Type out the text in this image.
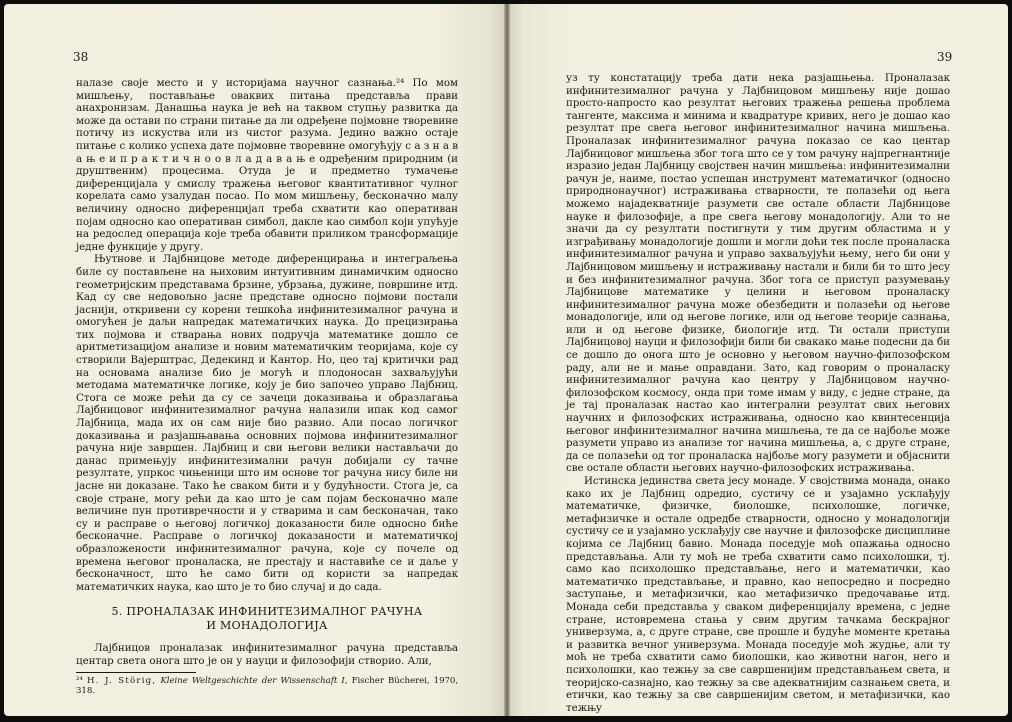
38	39

налазе своје место и у историјама научног сазнања.²⁴ По мом мишљењу, постављање оваквих питања представља прави анахронизам. Данашња наука је већ на таквом ступњу развитка да може да остави по страни питање да ли одређене појмовне творевине потичу из искуства или из чистог разума. Једино важно остаје питање с колико успеха дате појмовне творевине омогућују с а з н а в а њ е и п р а к т и ч н о о в л а д а в а њ е одређеним природним (и друштвеним) процесима. Отуда је и предметно тумачење диференцијала у смислу тражења његовог квантитативног чулног корелата само узалудан посао. По мом мишљењу, бесконачно малу величину односно диференцијал треба схватити као оперативан појам односно као оперативан симбол, дакле као симбол који упућује на редослед операција које треба обавити приликом трансформације једне функције у другу.

Њутнове и Лајбницове методе диференцирања и интеграљења биле су постављене на њиховим интуитивним динамичким односно геометријским представама брзине, убрзања, дужине, површине итд. Кад су све недовољно јасне представе односно појмови постали јаснији, откривени су корени тешкоћа инфинитезималног рачуна и омогућен је даљи напредак математичких наука. До прецизирања тих појмова и стварања нових подручја математике дошло се аритметизацијом анализе и новим математичким теоријама, које су створили Вајерштрас, Дедекинд и Кантор. Но, цео тај критички рад на основама анализе био је могућ и плодоносан захваљујући методама математичке логике, коју је био започео управо Лајбниц. Стога се може рећи да су се зачеци доказивања и образлагања Лајбницовог инфинитезималног рачуна налазили ипак код самог Лајбница, мада их он сам није био развио. Али посао логичког доказивања и разјашњавања основних појмова инфинитезималног рачуна није завршен. Лајбниц и сви његови велики настављачи до данас примењују инфинитезимални рачун добијали су тачне резултате, упркос чињеници што им основе тог рачуна нису биле ни јасне ни доказане. Тако ће сваком бити и у будућности. Стога је, са своје стране, могу рећи да као што је сам појам бесконачно мале величине пун противречности и у стварима и сам бесконачан, тако су и расправе о његовој логичкој доказаности биле односно биће бесконачне. Расправе о логичкој доказаности и математичкој образложености инфинитезималног рачуна, које су почеле од времена његовог проналаска, не престају и наставиће се и даље у бесконачност, што ће само бити од користи за напредак математичких наука, као што је то био случај и до сада.

5. ПРОНАЛАЗАК ИНФИНИТЕЗИМАЛНОГ РАЧУНА
И МОНАДОЛОГИЈА

Лајбницов проналазак инфинитезималног рачуна представља центар света онога што је он у науци и филозофији створио. Али,

²⁴ H. J. Störig, Kleine Weltgeschichte der Wissenschaft I, Fischer Bücherei, 1970, 318.

уз ту констатацију треба дати нека разјашњења. Проналазак инфинитезималног рачуна у Лајбницовом мишљењу није дошао просто-напросто као резултат његових тражења решења проблема тангенте, максима и минима и квадратуре кривих, него је дошао као резултат пре свега његовог инфинитезималног начина мишљења. Проналазак инфинитезималног рачуна показао се као центар Лајбницовог мишљења због тога што се у том рачуну најпрегнантније изразио један Лајбницу својствен начин мишљења: инфинитезимални рачун је, наиме, постао успешан инструмент математичког (односно природнонаучног) истраживања стварности, те полазећи од њега можемо најадекватније разумети све остале области Лајбницове науке и филозофије, а пре свега његову монадологију. Али то не значи да су резултати постигнути у тим другим областима и у изграђивању монадологије дошли и могли доћи тек после проналаска инфинитезималног рачуна и управо захваљујући њему, него би они у Лајбницовом мишљењу и истраживању настали и били би то што јесу и без инфинитезималног рачуна. Због тога се приступ разумевању Лајбницове математике у целини и његовом проналаску инфинитезималног рачуна може обезбедити и полазећи од његове монадологије, или од његове логике, или од његове теорије сазнања, или и од његове физике, биологије итд. Ти остали приступи Лајбницовој науци и филозофији били би свакако мање подесни да би се дошло до онога што је основно у његовом научно-филозофском раду, али не и мање оправдани. Зато, кад говорим о проналаску инфинитезималног рачуна као центру у Лајбницовом научно-филозофском космосу, онда при томе имам у виду, с једне стране, да је тај проналазак настао као интегрални резултат свих његових научних и филозофских истраживања, односно као квинтесенција његовог инфинитезималног начина мишљења, те да се најбоље може разумети управо из анализе тог начина мишљења, а, с друге стране, да се полазећи од тог проналаска најбоље могу разумети и објаснити све остале области његових научно-филозофских истраживања.

Истинска јединства света јесу монаде. У својствима монада, онако како их је Лајбниц одредио, сустичу се и узајамно усклађују математичке, физичке, биолошке, психолошке, логичке, метафизичке и остале одредбе стварности, односно у монадологији сустичу се и узајамно усклађују све научне и филозофске дисциплине којима се Лајбниц бавио. Монада поседује моћ опажања односно представљања. Али ту моћ не треба схватити само психолошки, тј. само као психолошко представљање, него и математички, као математичко представљање, и правно, као непосредно и посредно заступање, и метафизички, као метафизичко предочавање итд. Монада себи представља у сваком диференцијалу времена, с једне стране, истовремена стања у свим другим тачкама бескрајног универзума, а, с друге стране, све прошле и будуће моменте кретања и развитка вечног универзума. Монада поседује моћ жудње, али ту моћ не треба схватити само биолошки, као животни нагон, него и психолошки, као тежњу за све савршенијим представљањем света, и теоријско-сазнајно, као тежњу за све адекватнијим сазнањем света, и етички, као тежњу за све савршенијим светом, и метафизички, као тежњу
